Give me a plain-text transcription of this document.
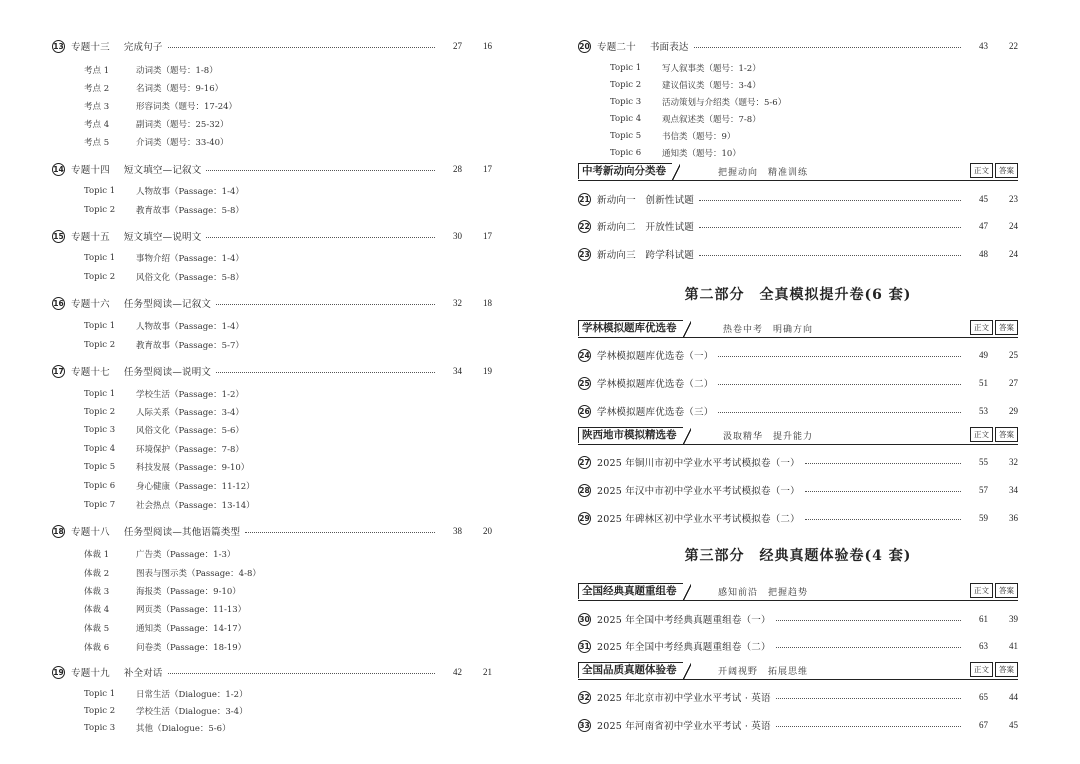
13 专题十三 完成句子	27	16
考点 1	动词类（题号：1-8）
考点 2	名词类（题号：9-16）
考点 3	形容词类（题号：17-24）
考点 4	副词类（题号：25-32）
考点 5	介词类（题号：33-40）
14 专题十四 短文填空—记叙文	28	17
Topic 1	人物故事（Passage：1-4）
Topic 2	教育故事（Passage：5-8）
15 专题十五 短文填空—说明文	30	17
Topic 1	事物介绍（Passage：1-4）
Topic 2	风俗文化（Passage：5-8）
16 专题十六 任务型阅读—记叙文	32	18
Topic 1	人物故事（Passage：1-4）
Topic 2	教育故事（Passage：5-7）
17 专题十七 任务型阅读—说明文	34	19
Topic 1	学校生活（Passage：1-2）
Topic 2	人际关系（Passage：3-4）
Topic 3	风俗文化（Passage：5-6）
Topic 4	环境保护（Passage：7-8）
Topic 5	科技发展（Passage：9-10）
Topic 6	身心健康（Passage：11-12）
Topic 7	社会热点（Passage：13-14）
18 专题十八 任务型阅读—其他语篇类型	38	20
体裁 1	广告类（Passage：1-3）
体裁 2	图表与图示类（Passage：4-8）
体裁 3	海报类（Passage：9-10）
体裁 4	网页类（Passage：11-13）
体裁 5	通知类（Passage：14-17）
体裁 6	问卷类（Passage：18-19）
19 专题十九 补全对话	42	21
Topic 1	日常生活（Dialogue：1-2）
Topic 2	学校生活（Dialogue：3-4）
Topic 3	其他（Dialogue：5-6）
20 专题二十 书面表达	43	22
Topic 1	写人叙事类（题号：1-2）
Topic 2	建议倡议类（题号：3-4）
Topic 3	活动策划与介绍类（题号：5-6）
Topic 4	观点叙述类（题号：7-8）
Topic 5	书信类（题号：9）
Topic 6	通知类（题号：10）
中考新动向分类卷	把握动向　精准训练	正文	答案
21 新动向一　创新性试题	45	23
22 新动向二　开放性试题	47	24
23 新动向三　跨学科试题	48	24
第二部分　全真模拟提升卷(6 套)
学林模拟题库优选卷	热卷中考　明确方向	正文	答案
24 学林模拟题库优选卷（一）	49	25
25 学林模拟题库优选卷（二）	51	27
26 学林模拟题库优选卷（三）	53	29
陕西地市模拟精选卷	汲取精华　提升能力	正文	答案
27 2025 年铜川市初中学业水平考试模拟卷（一）	55	32
28 2025 年汉中市初中学业水平考试模拟卷（一）	57	34
29 2025 年碑林区初中学业水平考试模拟卷（二）	59	36
第三部分　经典真题体验卷(4 套)
全国经典真题重组卷	感知前沿　把握趋势	正文	答案
30 2025 年全国中考经典真题重组卷（一）	61	39
31 2025 年全国中考经典真题重组卷（二）	63	41
全国品质真题体验卷	开阔视野　拓展思维	正文	答案
32 2025 年北京市初中学业水平考试 · 英语	65	44
33 2025 年河南省初中学业水平考试 · 英语	67	45
